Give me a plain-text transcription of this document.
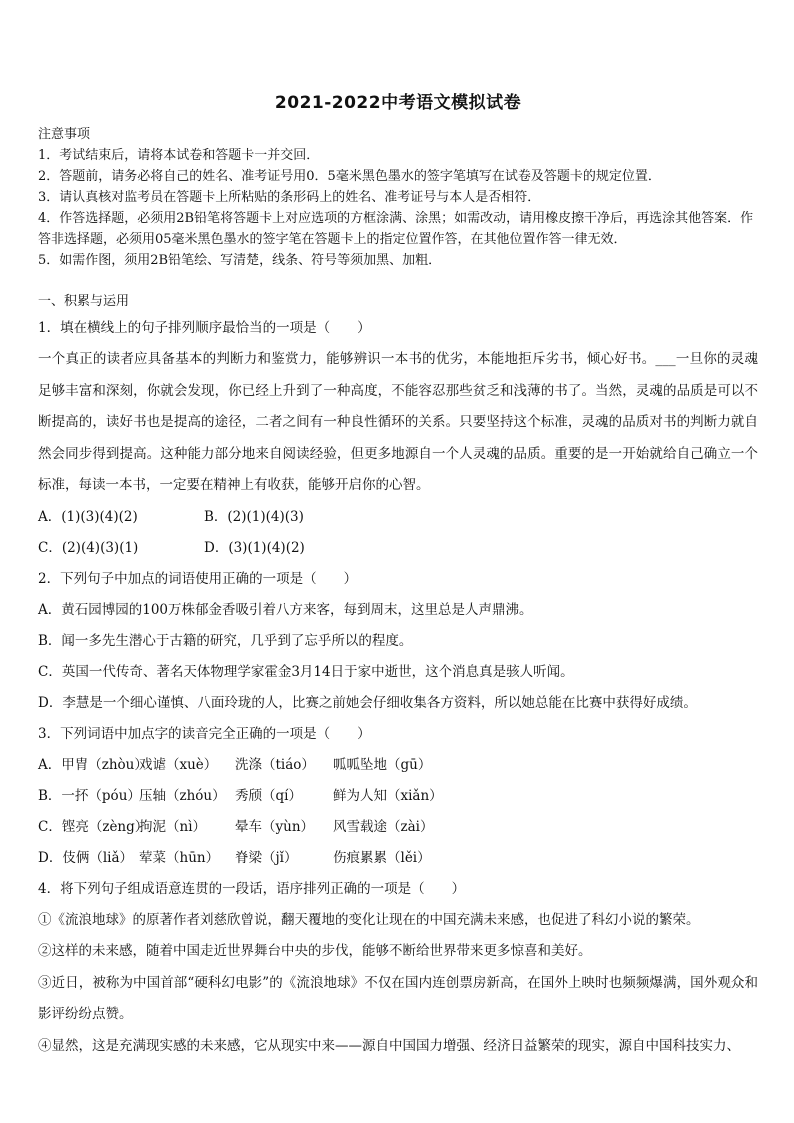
2021-2022中考语文模拟试卷

注意事项

1．考试结束后，请将本试卷和答题卡一并交回．

2．答题前，请务必将自己的姓名、准考证号用0．5毫米黑色墨水的签字笔填写在试卷及答题卡的规定位置．

3．请认真核对监考员在答题卡上所粘贴的条形码上的姓名、准考证号与本人是否相符．

4．作答选择题，必须用2B铅笔将答题卡上对应选项的方框涂满、涂黑；如需改动，请用橡皮擦干净后，再选涂其他答案．作答非选择题，必须用05毫米黑色墨水的签字笔在答题卡上的指定位置作答，在其他位置作答一律无效．

5．如需作图，须用2B铅笔绘、写清楚，线条、符号等须加黑、加粗．

一、积累与运用

1．填在横线上的句子排列顺序最恰当的一项是（　　）

一个真正的读者应具备基本的判断力和鉴赏力，能够辨识一本书的优劣，本能地拒斥劣书，倾心好书。___一旦你的灵魂足够丰富和深刻，你就会发现，你已经上升到了一种高度，不能容忍那些贫乏和浅薄的书了。当然，灵魂的品质是可以不断提高的，读好书也是提高的途径，二者之间有一种良性循环的关系。只要坚持这个标准，灵魂的品质对书的判断力就自然会同步得到提高。这种能力部分地来自阅读经验，但更多地源自一个人灵魂的品质。重要的是一开始就给自己确立一个标准，每读一本书，一定要在精神上有收获，能够开启你的心智。

A．(1)(3)(4)(2)	B．(2)(1)(4)(3)

C．(2)(4)(3)(1)	D．(3)(1)(4)(2)

2．下列句子中加点的词语使用正确的一项是（　　）

A．黄石园博园的100万株郁金香吸引着八方来客，每到周末，这里总是人声鼎沸。

B．闻一多先生潜心于古籍的研究，几乎到了忘乎所以的程度。

C．英国一代传奇、著名天体物理学家霍金3月14日于家中逝世，这个消息真是骇人听闻。

D．李慧是一个细心谨慎、八面玲珑的人，比赛之前她会仔细收集各方资料，所以她总能在比赛中获得好成绩。

3．下列词语中加点字的读音完全正确的一项是（　　）

A．甲胄（zhòu）戏谑（xuè） 洗涤（tiáo） 呱呱坠地（gū）

B．一抔（póu）压轴（zhóu） 秀颀（qí） 鲜为人知（xiǎn）

C．铿亮（zèng）拘泥（nì） 晕车（yùn） 风雪载途（zài）

D．伎俩（liǎ） 荤菜（hūn） 脊梁（jǐ）	伤痕累累（lěi）

4．将下列句子组成语意连贯的一段话，语序排列正确的一项是（　　）

①《流浪地球》的原著作者刘慈欣曾说，翻天覆地的变化让现在的中国充满未来感，也促进了科幻小说的繁荣。

②这样的未来感，随着中国走近世界舞台中央的步伐，能够不断给世界带来更多惊喜和美好。

③近日，被称为中国首部“硬科幻电影”的《流浪地球》不仅在国内连创票房新高，在国外上映时也频频爆满，国外观众和影评纷纷点赞。

④显然，这是充满现实感的未来感，它从现实中来——源自中国国力增强、经济日益繁荣的现实，源自中国科技实力、
